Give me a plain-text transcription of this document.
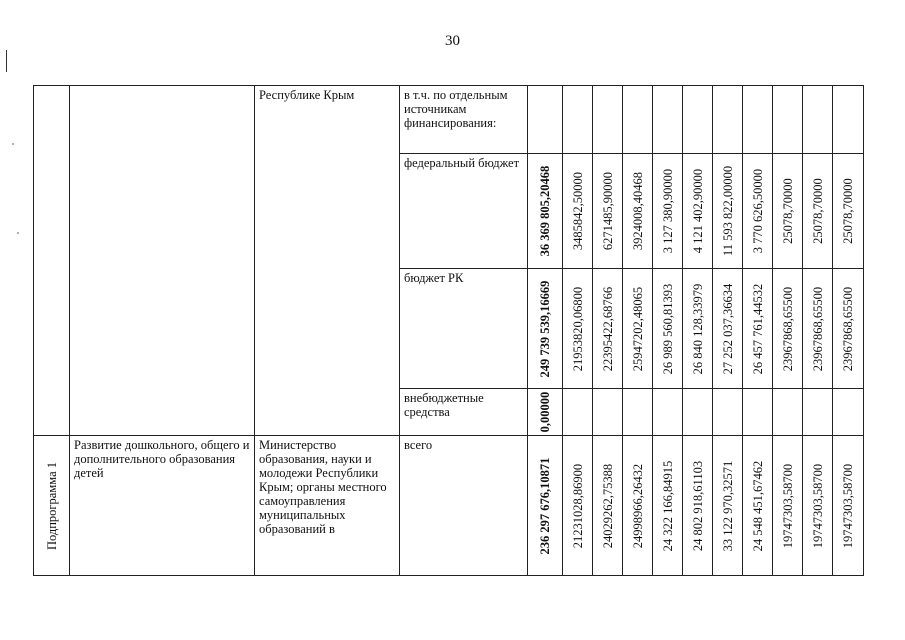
30

		Республике Крым	в т.ч. по отдельным источникам финансирования:											

			федеральный бюджет	36 369 805,20468	3485842,50000	6271485,90000	3924008,40468	3 127 380,90000	4 121 402,90000	11 593 822,00000	3 770 626,50000	25078,70000	25078,70000	25078,70000

			бюджет РК	249 739 539,16669	21953820,06800	22395422,68766	25947202,48065	26 989 560,81393	26 840 128,33979	27 252 037,36634	26 457 761,44532	23967868,65500	23967868,65500	23967868,65500

			внебюджетные средства	0,00000										

Подпрограмма 1	Развитие дошкольного, общего и дополнительного образования детей	Министерство образования, науки и молодежи Республики Крым; органы местного самоуправления муниципальных образований в	всего	236 297 676,10871	21231028,86900	24029262,75388	24998966,26432	24 322 166,84915	24 802 918,61103	33 122 970,32571	24 548 451,67462	19747303,58700	19747303,58700	19747303,58700
